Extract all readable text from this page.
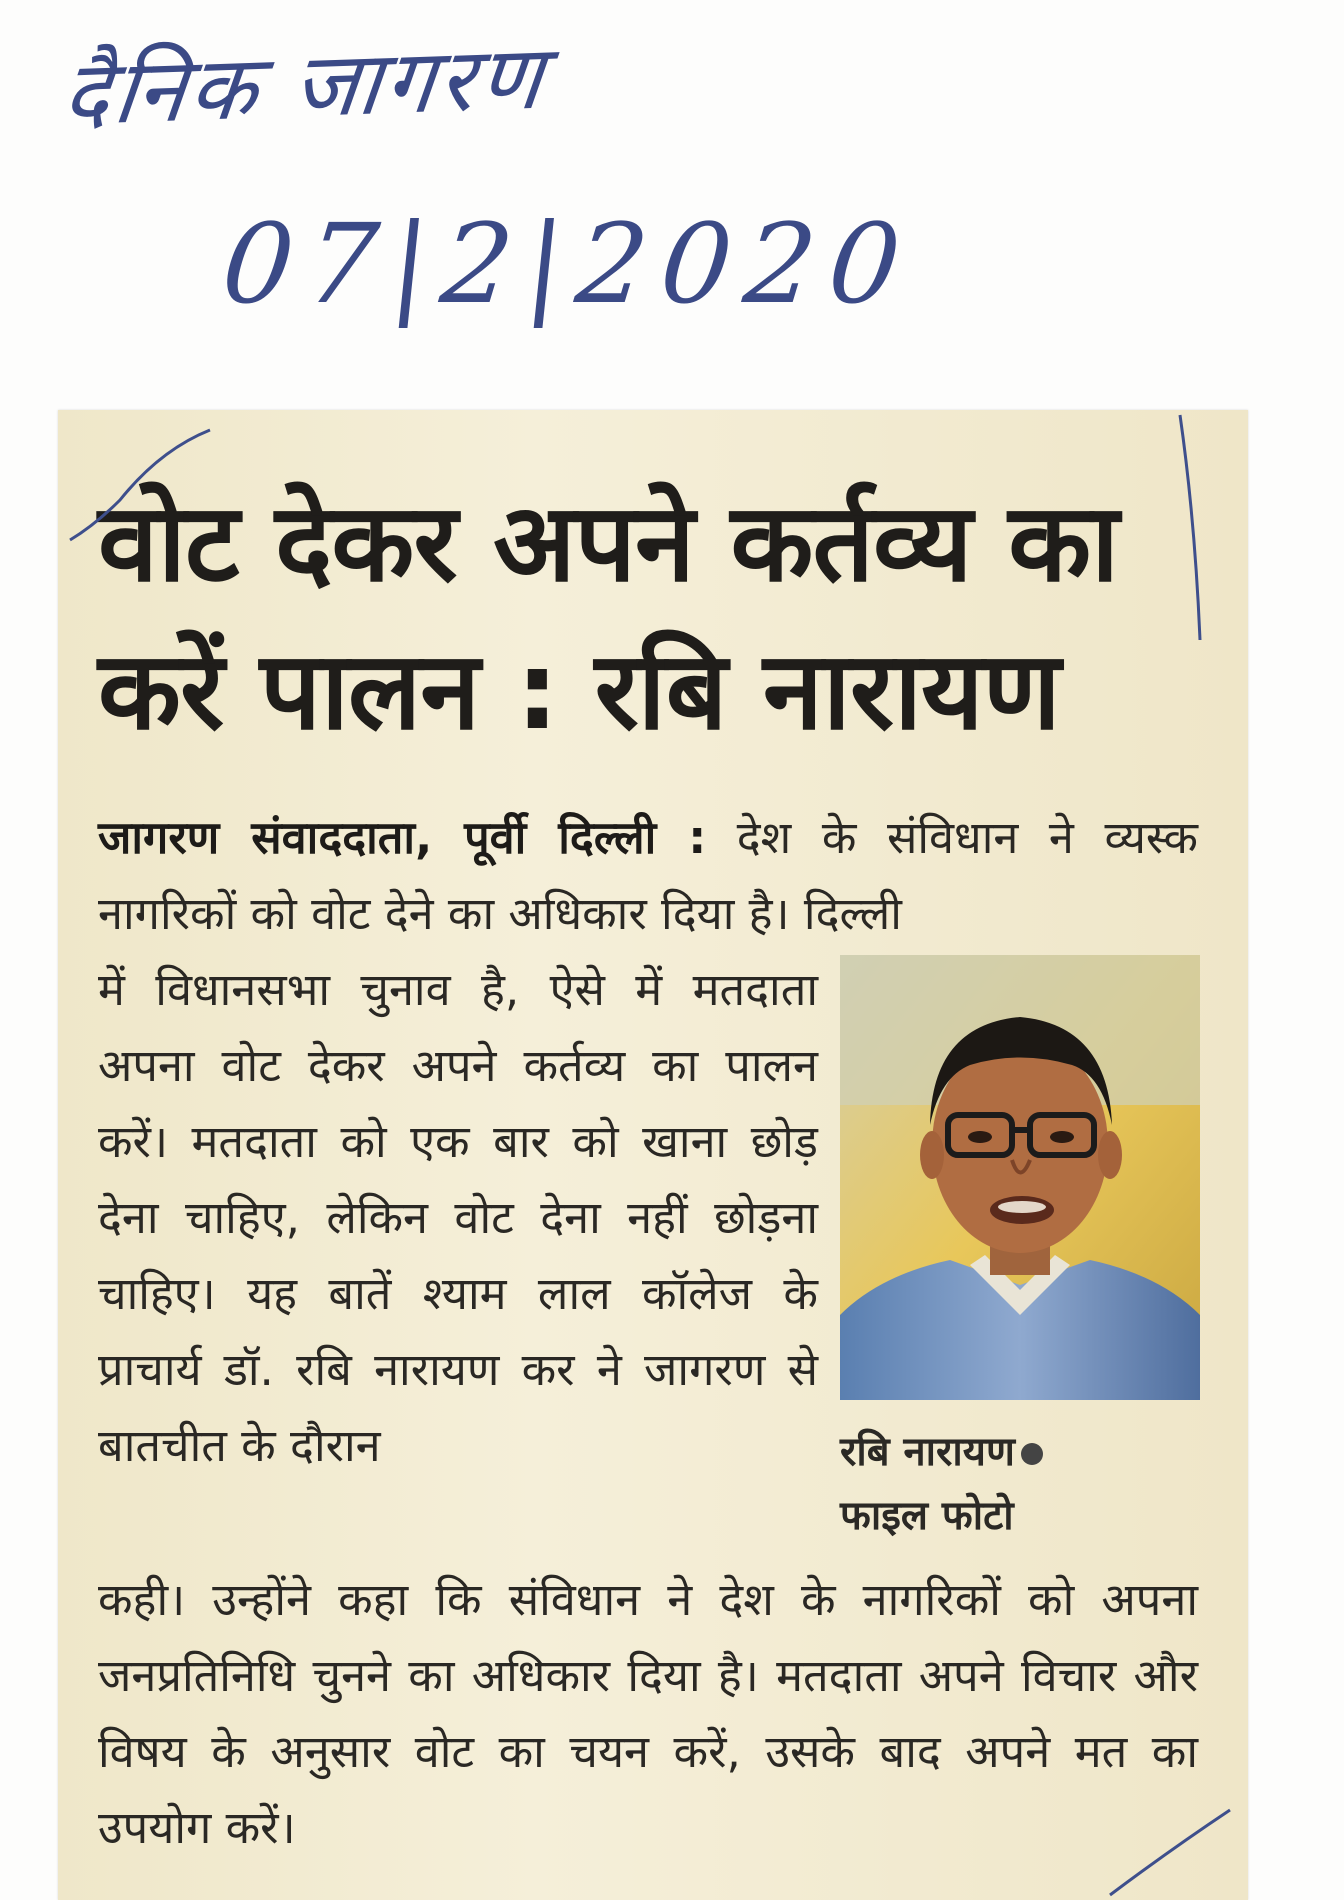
दैनिक जागरण
07|2|2020
वोट देकर अपने कर्तव्य का
करें पालन : रबि नारायण
जागरण संवाददाता, पूर्वी दिल्ली : देश के संविधान ने व्यस्क नागरिकों को वोट देने का अधिकार दिया है। दिल्ली
में विधानसभा चुनाव है, ऐसे में मतदाता अपना वोट देकर अपने कर्तव्य का पालन करें। मतदाता को एक बार को खाना छोड़ देना चाहिए, लेकिन वोट देना नहीं छोड़ना चाहिए। यह बातें श्याम लाल कॉलेज के प्राचार्य डॉ. रबि नारायण कर ने जागरण से बातचीत के दौरान	रबि नारायण
फाइल फोटो
कही। उन्होंने कहा कि संविधान ने देश के नागरिकों को अपना जनप्रतिनिधि चुनने का अधिकार दिया है। मतदाता अपने विचार और विषय के अनुसार वोट का चयन करें, उसके बाद अपने मत का उपयोग करें।
